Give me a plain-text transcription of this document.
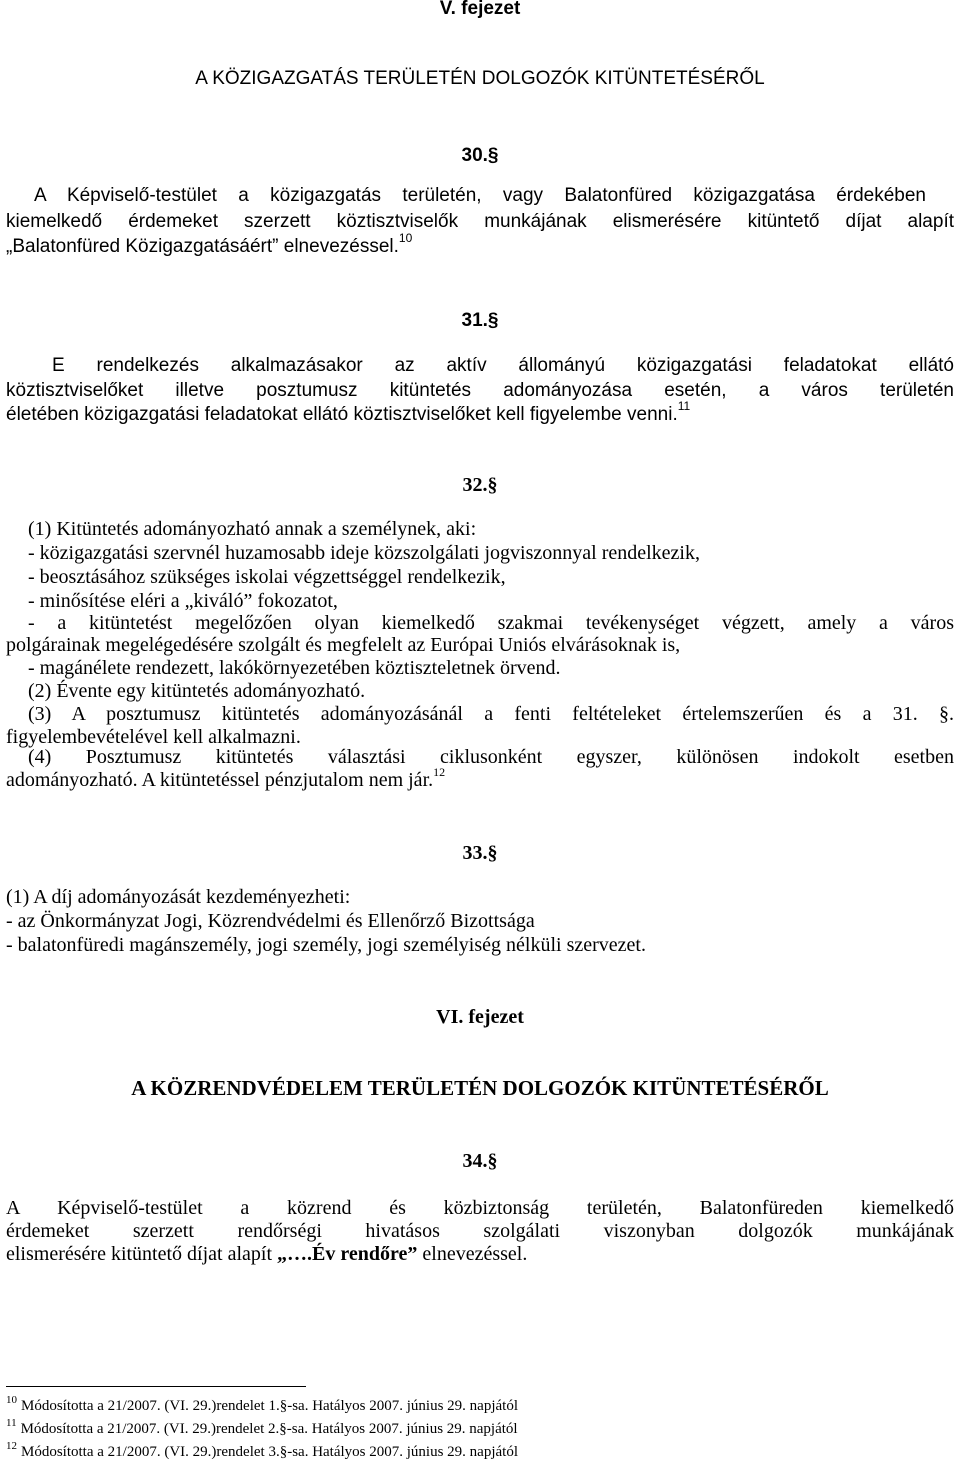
V. fejezet
A KÖZIGAZGATÁS TERÜLETÉN DOLGOZÓK KITÜNTETÉSÉRŐL
30.§
A Képviselő-testület a közigazgatás területén, vagy Balatonfüred közigazgatása érdekében
kiemelkedő érdemeket szerzett köztisztviselők munkájának elismerésére kitüntető díjat alapít
„Balatonfüred Közigazgatásáért” elnevezéssel.$^{10}$
31.§
E rendelkezés alkalmazásakor az aktív állományú közigazgatási feladatokat ellátó
köztisztviselőket illetve posztumusz kitüntetés adományozása esetén, a város területén
életében közigazgatási feladatokat ellátó köztisztviselőket kell figyelembe venni.$^{11}$
32.§
(1) Kitüntetés adományozható annak a személynek, aki:
- közigazgatási szervnél huzamosabb ideje közszolgálati jogviszonnyal rendelkezik,
- beosztásához szükséges iskolai végzettséggel rendelkezik,
- minősítése eléri a „kiváló” fokozatot,
- a kitüntetést megelőzően olyan kiemelkedő szakmai tevékenységet végzett, amely a város
polgárainak megelégedésére szolgált és megfelelt az Európai Uniós elvárásoknak is,
- magánélete rendezett, lakókörnyezetében köztiszteletnek örvend.
(2) Évente egy kitüntetés adományozható.
(3) A posztumusz kitüntetés adományozásánál a fenti feltételeket értelemszerűen és a 31. §.
figyelembevételével kell alkalmazni.
(4) Posztumusz kitüntetés választási ciklusonként egyszer, különösen indokolt esetben
adományozható. A kitüntetéssel pénzjutalom nem jár.$^{12}$
33.§
(1) A díj adományozását kezdeményezheti:
- az Önkormányzat Jogi, Közrendvédelmi és Ellenőrző Bizottsága
- balatonfüredi magánszemély, jogi személy, jogi személyiség nélküli szervezet.
VI. fejezet
A KÖZRENDVÉDELEM TERÜLETÉN DOLGOZÓK KITÜNTETÉSÉRŐL
34.§
A Képviselő-testület a közrend és közbiztonság területén, Balatonfüreden kiemelkedő
érdemeket szerzett rendőrségi hivatásos szolgálati viszonyban dolgozók munkájának
elismerésére kitüntető díjat alapít „….Év rendőre” elnevezéssel.
$^{10}$ Módosította a 21/2007. (VI. 29.)rendelet 1.§-sa. Hatályos 2007. június 29. napjától
$^{11}$ Módosította a 21/2007. (VI. 29.)rendelet 2.§-sa. Hatályos 2007. június 29. napjától
$^{12}$ Módosította a 21/2007. (VI. 29.)rendelet 3.§-sa. Hatályos 2007. június 29. napjától
